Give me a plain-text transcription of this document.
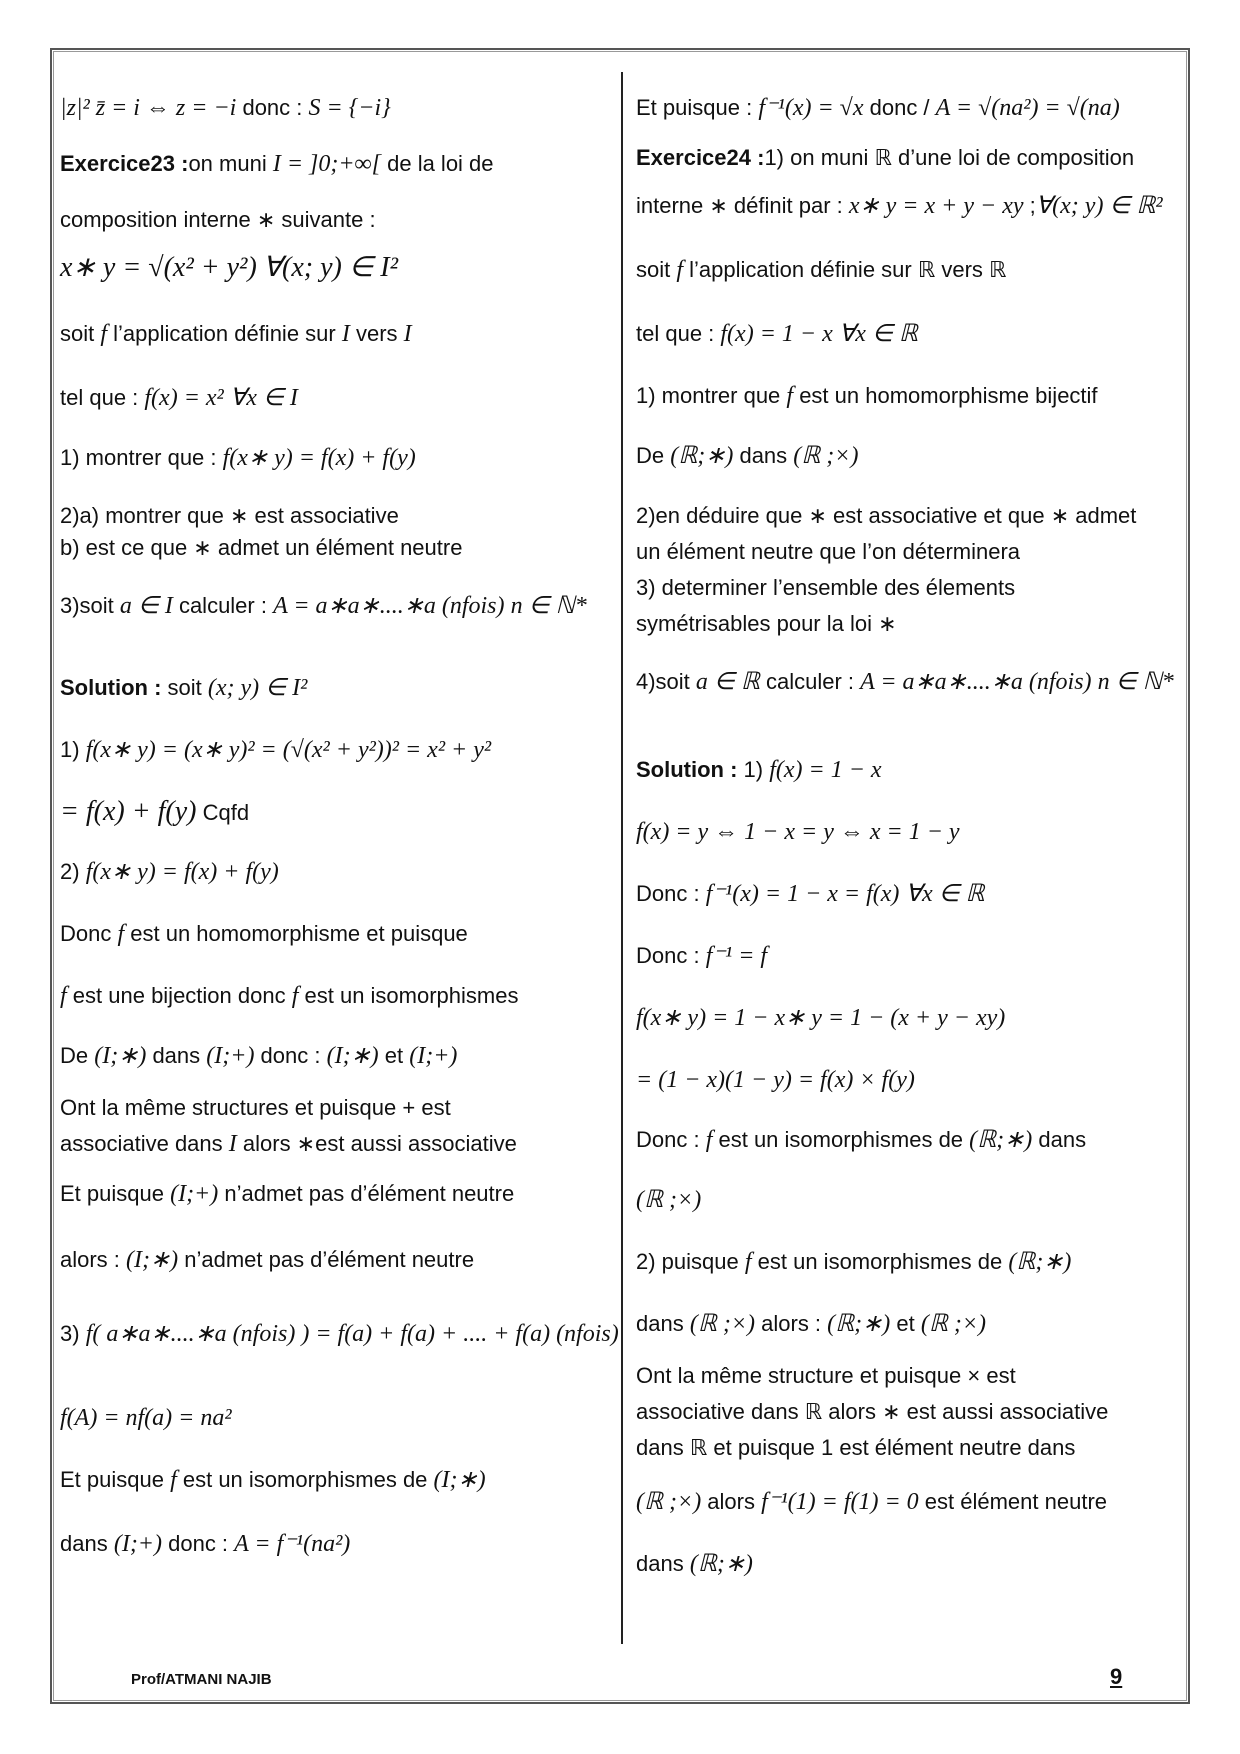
|z|² z̄ = i ⇔ z = −i donc : S = {−i}
Exercice23 :on muni I = ]0;+∞[ de la loi de
composition interne ∗ suivante :
x∗ y = √(x² + y²) ∀(x; y) ∈ I²
soit f l’application définie sur I vers I
tel que : f(x) = x² ∀x ∈ I
1) montrer que : f(x∗ y) = f(x) + f(y)
2)a) montrer que ∗ est associative
b) est ce que ∗ admet un élément neutre
3)soit a ∈ I calculer : A = a∗a∗....∗a (nfois) n ∈ ℕ*
Solution : soit (x; y) ∈ I²
1) f(x∗ y) = (x∗ y)² = (√(x² + y²))² = x² + y²
= f(x) + f(y) Cqfd
2) f(x∗ y) = f(x) + f(y)
Donc f est un homomorphisme et puisque
f est une bijection donc f est un isomorphismes
De (I;∗) dans (I;+) donc : (I;∗) et (I;+)
Ont la même structures et puisque + est
associative dans I alors ∗est aussi associative
Et puisque (I;+) n’admet pas d’élément neutre
alors : (I;∗) n’admet pas d’élément neutre
3) f( a∗a∗....∗a (nfois) ) = f(a) + f(a) + .... + f(a) (nfois)
f(A) = nf(a) = na²
Et puisque f est un isomorphismes de (I;∗)
dans (I;+) donc : A = f⁻¹(na²)
Et puisque : f⁻¹(x) = √x donc / A = √(na²) = √(na)
Exercice24 :1) on muni ℝ d’une loi de composition
interne ∗ définit par : x∗ y = x + y − xy ;∀(x; y) ∈ ℝ²
soit f l’application définie sur ℝ vers ℝ
tel que : f(x) = 1 − x ∀x ∈ ℝ
1) montrer que f est un homomorphisme bijectif
De (ℝ;∗) dans (ℝ ;×)
2)en déduire que ∗ est associative et que ∗ admet
un élément neutre que l’on déterminera
3) determiner l’ensemble des élements
symétrisables pour la loi ∗
4)soit a ∈ ℝ calculer : A = a∗a∗....∗a (nfois) n ∈ ℕ*
Solution : 1) f(x) = 1 − x
f(x) = y ⇔ 1 − x = y ⇔ x = 1 − y
Donc : f⁻¹(x) = 1 − x = f(x) ∀x ∈ ℝ
Donc : f⁻¹ = f
f(x∗ y) = 1 − x∗ y = 1 − (x + y − xy)
= (1 − x)(1 − y) = f(x) × f(y)
Donc : f est un isomorphismes de (ℝ;∗) dans
(ℝ ;×)
2) puisque f est un isomorphismes de (ℝ;∗)
dans (ℝ ;×) alors : (ℝ;∗) et (ℝ ;×)
Ont la même structure et puisque × est
associative dans ℝ alors ∗ est aussi associative
dans ℝ et puisque 1 est élément neutre dans
(ℝ ;×) alors f⁻¹(1) = f(1) = 0 est élément neutre
dans (ℝ;∗)
Prof/ATMANI NAJIB	9
